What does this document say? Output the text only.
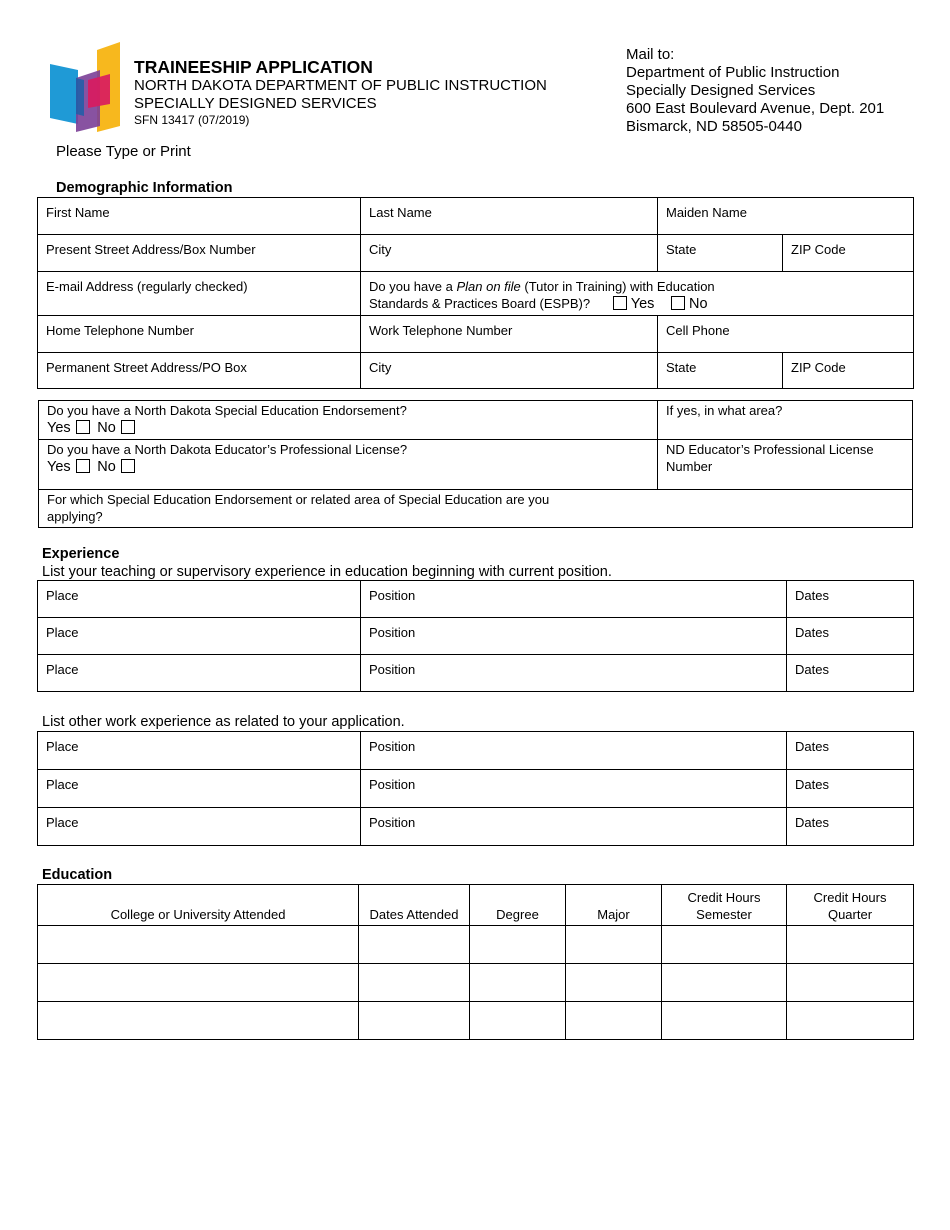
TRAINEESHIP APPLICATION
NORTH DAKOTA DEPARTMENT OF PUBLIC INSTRUCTION
SPECIALLY DESIGNED SERVICES
SFN 13417 (07/2019)
Mail to:
Department of Public Instruction
Specially Designed Services
600 East Boulevard Avenue, Dept. 201
Bismarck, ND 58505-0440
Please Type or Print
Demographic Information
First Name	Last Name	Maiden Name	
Present Street Address/Box Number	City	State	ZIP Code
E-mail Address (regularly checked)	Do you have a Plan on file (Tutor in Training) with Education
Standards & Practices Board (ESPB)? Yes No		
Home Telephone Number	Work Telephone Number	Cell Phone	
Permanent Street Address/PO Box	City	State	ZIP Code
Do you have a North Dakota Special Education Endorsement?
Yes No	If yes, in what area?
Do you have a North Dakota Educator’s Professional License?
Yes No	ND Educator’s Professional License Number
For which Special Education Endorsement or related area of Special Education are you applying?	
Experience
List your teaching or supervisory experience in education beginning with current position.
Place	Position	Dates
Place	Position	Dates
Place	Position	Dates
List other work experience as related to your application.
Place	Position	Dates
Place	Position	Dates
Place	Position	Dates
Education
College or University Attended	Dates Attended	Degree	Major	Credit Hours Semester	Credit Hours Quarter
